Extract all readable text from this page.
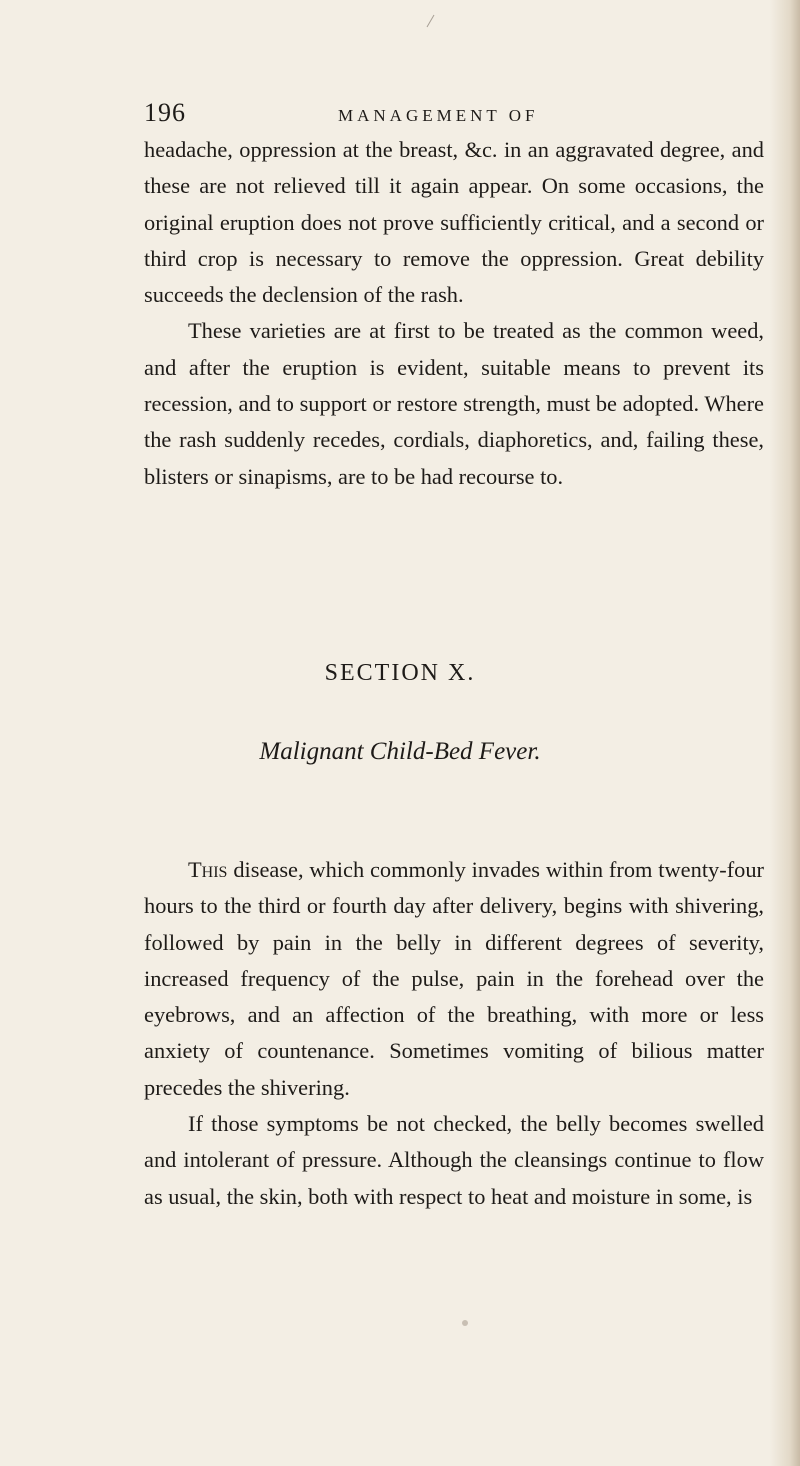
196	MANAGEMENT OF

headache, oppression at the breast, &c. in an aggravated degree, and these are not relieved till it again appear. On some occasions, the original eruption does not prove sufficiently critical, and a second or third crop is necessary to remove the oppression. Great debility succeeds the declension of the rash.

These varieties are at first to be treated as the common weed, and after the eruption is evident, suitable means to prevent its recession, and to support or restore strength, must be adopted. Where the rash suddenly recedes, cordials, diaphoretics, and, failing these, blisters or sinapisms, are to be had recourse to.

SECTION X.
Malignant Child-Bed Fever.

This disease, which commonly invades within from twenty-four hours to the third or fourth day after delivery, begins with shivering, followed by pain in the belly in different degrees of severity, increased frequency of the pulse, pain in the forehead over the eyebrows, and an affection of the breathing, with more or less anxiety of countenance. Sometimes vomiting of bilious matter precedes the shivering.

If those symptoms be not checked, the belly becomes swelled and intolerant of pressure. Although the cleansings continue to flow as usual, the skin, both with respect to heat and moisture in some, is
